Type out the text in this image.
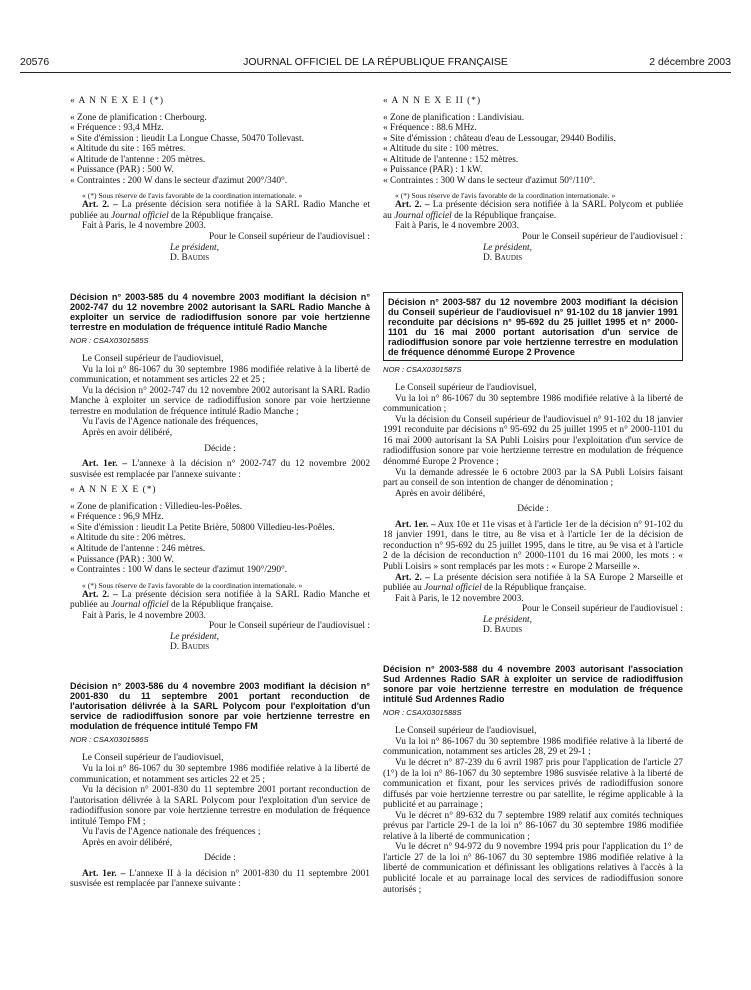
20576	JOURNAL OFFICIEL DE LA RÉPUBLIQUE FRANÇAISE	2 décembre 2003

« A N N E X E I (*)

« Zone de planification : Cherbourg.

« Fréquence : 93,4 MHz.

« Site d'émission : lieudit La Longue Chasse, 50470 Tollevast.

« Altitude du site : 165 mètres.

« Altitude de l'antenne : 205 mètres.

« Puissance (PAR) : 500 W.

« Contraintes : 200 W dans le secteur d'azimut 200°/340°.

« (*) Sous réserve de l'avis favorable de la coordination internationale. »

Art. 2. – La présente décision sera notifiée à la SARL Radio Manche et publiée au Journal officiel de la République française.

Fait à Paris, le 4 novembre 2003.

Pour le Conseil supérieur de l'audiovisuel :

Le président,

D. Baudis

Décision n° 2003-585 du 4 novembre 2003 modifiant la décision n° 2002-747 du 12 novembre 2002 autorisant la SARL Radio Manche à exploiter un service de radiodiffusion sonore par voie hertzienne terrestre en modulation de fréquence intitulé Radio Manche

NOR : CSAX0301585S

Le Conseil supérieur de l'audiovisuel,

Vu la loi n° 86-1067 du 30 septembre 1986 modifiée relative à la liberté de communication, et notamment ses articles 22 et 25 ;

Vu la décision n° 2002-747 du 12 novembre 2002 autorisant la SARL Radio Manche à exploiter un service de radiodiffusion sonore par voie hertzienne terrestre en modulation de fréquence intitulé Radio Manche ;

Vu l'avis de l'Agence nationale des fréquences,

Après en avoir délibéré,

Décide :

Art. 1er. – L'annexe à la décision n° 2002-747 du 12 novembre 2002 susvisée est remplacée par l'annexe suivante :

« A N N E X E (*)

« Zone de planification : Villedieu-les-Poêles.

« Fréquence : 96,9 MHz.

« Site d'émission : lieudit La Petite Brière, 50800 Villedieu-les-Poêles.

« Altitude du site : 206 mètres.

« Altitude de l'antenne : 246 mètres.

« Puissance (PAR) : 300 W.

« Contraintes : 100 W dans le secteur d'azimut 190°/290°.

« (*) Sous réserve de l'avis favorable de la coordination internationale. »

Art. 2. – La présente décision sera notifiée à la SARL Radio Manche et publiée au Journal officiel de la République française.

Fait à Paris, le 4 novembre 2003.

Pour le Conseil supérieur de l'audiovisuel :

Le président,

D. Baudis

Décision n° 2003-586 du 4 novembre 2003 modifiant la décision n° 2001-830 du 11 septembre 2001 portant reconduction de l'autorisation délivrée à la SARL Polycom pour l'exploitation d'un service de radiodiffusion sonore par voie hertzienne terrestre en modulation de fréquence intitulé Tempo FM

NOR : CSAX0301586S

Le Conseil supérieur de l'audiovisuel,

Vu la loi n° 86-1067 du 30 septembre 1986 modifiée relative à la liberté de communication, et notamment ses articles 22 et 25 ;

Vu la décision n° 2001-830 du 11 septembre 2001 portant reconduction de l'autorisation délivrée à la SARL Polycom pour l'exploitation d'un service de radiodiffusion sonore par voie hertzienne terrestre en modulation de fréquence intitulé Tempo FM ;

Vu l'avis de l'Agence nationale des fréquences ;

Après en avoir délibéré,

Décide :

Art. 1er. – L'annexe II à la décision n° 2001-830 du 11 septembre 2001 susvisée est remplacée par l'annexe suivante :

« A N N E X E II (*)

« Zone de planification : Landivisiau.

« Fréquence : 88.6 MHz.

« Site d'émission : château d'eau de Lessougar, 29440 Bodilis.

« Altitude du site : 100 mètres.

« Altitude de l'antenne : 152 mètres.

« Puissance (PAR) : 1 kW.

« Contraintes : 300 W dans le secteur d'azimut 50°/110°.

« (*) Sous réserve de l'avis favorable de la coordination internationale. »

Art. 2. – La présente décision sera notifiée à la SARL Polycom et publiée au Journal officiel de la République française.

Fait à Paris, le 4 novembre 2003.

Pour le Conseil supérieur de l'audiovisuel :

Le président,

D. Baudis

Décision n° 2003-587 du 12 novembre 2003 modifiant la décision du Conseil supérieur de l'audiovisuel n° 91-102 du 18 janvier 1991 reconduite par décisions n° 95-692 du 25 juillet 1995 et n° 2000-1101 du 16 mai 2000 portant autorisation d'un service de radiodiffusion sonore par voie hertzienne terrestre en modulation de fréquence dénommé Europe 2 Provence

NOR : CSAX0301587S

Le Conseil supérieur de l'audiovisuel,

Vu la loi n° 86-1067 du 30 septembre 1986 modifiée relative à la liberté de communication ;

Vu la décision du Conseil supérieur de l'audiovisuel n° 91-102 du 18 janvier 1991 reconduite par décisions n° 95-692 du 25 juillet 1995 et n° 2000-1101 du 16 mai 2000 autorisant la SA Publi Loisirs pour l'exploitation d'un service de radiodiffusion sonore par voie hertzienne terrestre en modulation de fréquence dénommé Europe 2 Provence ;

Vu la demande adressée le 6 octobre 2003 par la SA Publi Loisirs faisant part au conseil de son intention de changer de dénomination ;

Après en avoir délibéré,

Décide :

Art. 1er. – Aux 10e et 11e visas et à l'article 1er de la décision n° 91-102 du 18 janvier 1991, dans le titre, au 8e visa et à l'article 1er de la décision de reconduction n° 95-692 du 25 juillet 1995, dans le titre, au 9e visa et à l'article 2 de la décision de reconduction n° 2000-1101 du 16 mai 2000, les mots : « Publi Loisirs » sont remplacés par les mots : « Europe 2 Marseille ».

Art. 2. – La présente décision sera notifiée à la SA Europe 2 Marseille et publiée au Journal officiel de la République française.

Fait à Paris, le 12 novembre 2003.

Pour le Conseil supérieur de l'audiovisuel :

Le président,

D. Baudis

Décision n° 2003-588 du 4 novembre 2003 autorisant l'association Sud Ardennes Radio SAR à exploiter un service de radiodiffusion sonore par voie hertzienne terrestre en modulation de fréquence intitulé Sud Ardennes Radio

NOR : CSAX0301588S

Le Conseil supérieur de l'audiovisuel,

Vu la loi n° 86-1067 du 30 septembre 1986 modifiée relative à la liberté de communication, notamment ses articles 28, 29 et 29-1 ;

Vu le décret n° 87-239 du 6 avril 1987 pris pour l'application de l'article 27 (1°) de la loi n° 86-1067 du 30 septembre 1986 susvisée relative à la liberté de communication et fixant, pour les services privés de radiodiffusion sonore diffusés par voie hertzienne terrestre ou par satellite, le régime applicable à la publicité et au parrainage ;

Vu le décret n° 89-632 du 7 septembre 1989 relatif aux comités techniques prévus par l'article 29-1 de la loi n° 86-1067 du 30 septembre 1986 modifiée relative à la liberté de communication ;

Vu le décret n° 94-972 du 9 novembre 1994 pris pour l'application du 1° de l'article 27 de la loi n° 86-1067 du 30 septembre 1986 modifiée relative à la liberté de communication et définissant les obligations relatives à l'accès à la publicité locale et au parrainage local des services de radiodiffusion sonore autorisés ;
